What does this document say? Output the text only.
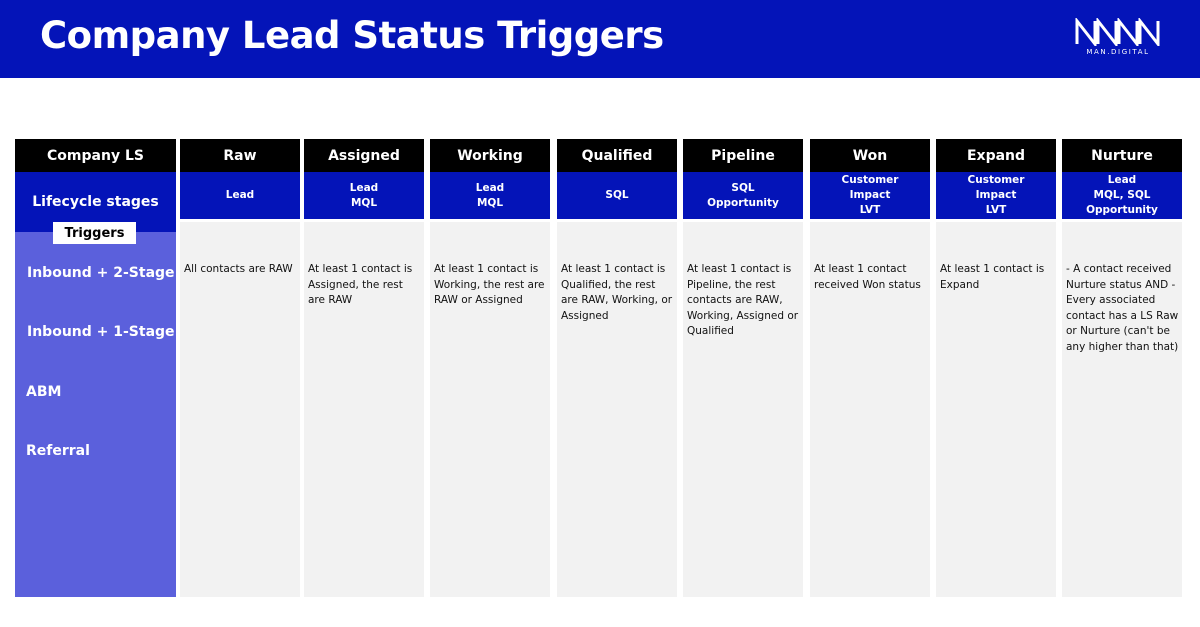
Company Lead Status Triggers	MAN.DIGITAL
Company LS
Lifecycle stages
Triggers
Inbound + 2-Stage
Inbound + 1-Stage
ABM
Referral
Raw
Lead
All contacts are RAW
Assigned
Lead
MQL
At least 1 contact is Assigned, the rest are RAW
Working
Lead
MQL
At least 1 contact is Working, the rest are RAW or Assigned
Qualified
SQL
At least 1 contact is Qualified, the rest are RAW, Working, or Assigned
Pipeline
SQL
Opportunity
At least 1 contact is Pipeline, the rest contacts are RAW, Working, Assigned or Qualified
Won
Customer
Impact
LVT
At least 1 contact received Won status
Expand
Customer
Impact
LVT
At least 1 contact is Expand
Nurture
Lead
MQL, SQL
Opportunity
- A contact received Nurture status AND - Every associated contact has a LS Raw or Nurture (can't be any higher than that)
